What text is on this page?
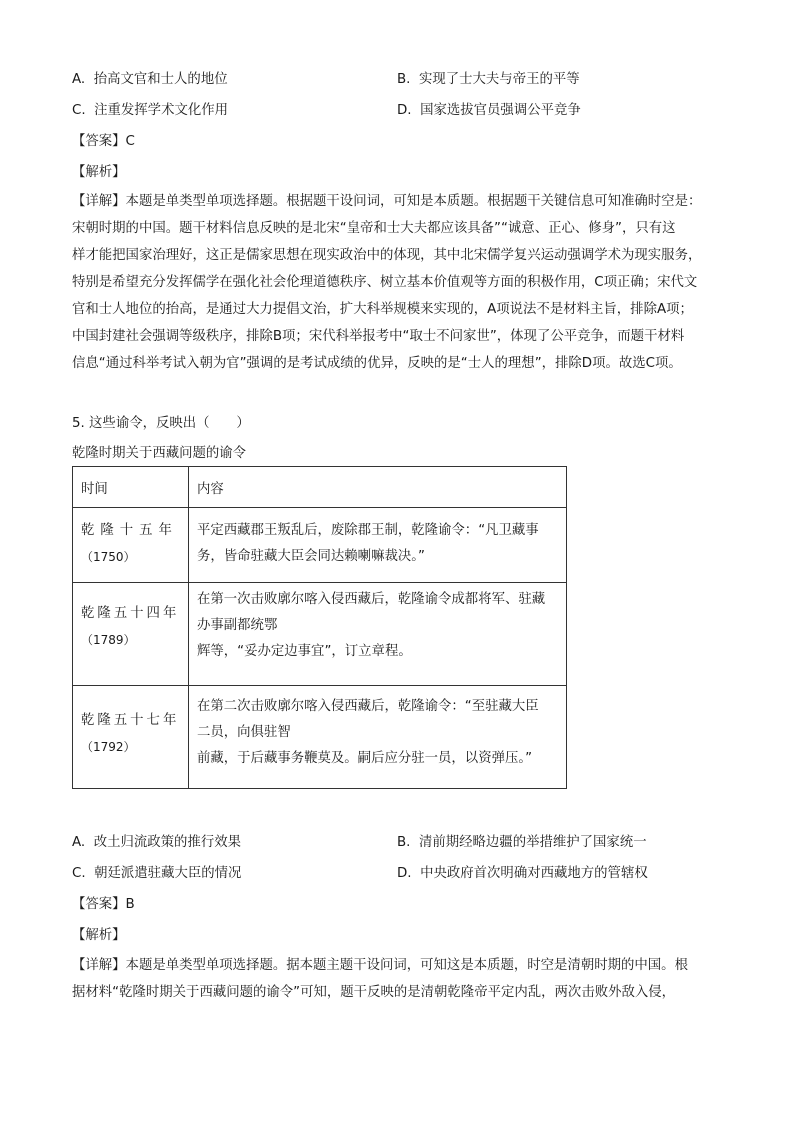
A. 抬高文官和士人的地位	B. 实现了士大夫与帝王的平等
C. 注重发挥学术文化作用	D. 国家选拔官员强调公平竞争
【答案】C
【解析】

【详解】本题是单类型单项选择题。根据题干设问词，可知是本质题。根据题干关键信息可知准确时空是：

宋朝时期的中国。题干材料信息反映的是北宋“皇帝和士大夫都应该具备”“诚意、正心、修身”，只有这

样才能把国家治理好，这正是儒家思想在现实政治中的体现，其中北宋儒学复兴运动强调学术为现实服务，

特别是希望充分发挥儒学在强化社会伦理道德秩序、树立基本价值观等方面的积极作用，C项正确；宋代文

官和士人地位的抬高，是通过大力提倡文治，扩大科举规模来实现的，A项说法不是材料主旨，排除A项；

中国封建社会强调等级秩序，排除B项；宋代科举报考中“取士不问家世”，体现了公平竞争，而题干材料

信息“通过科举考试入朝为官”强调的是考试成绩的优异，反映的是“士人的理想”，排除D项。故选C项。

5. 这些谕令，反映出（　　）
乾隆时期关于西藏问题的谕令
时间	内容

乾隆十五年
（1750）	平定西藏郡王叛乱后，废除郡王制，乾隆谕令：“凡卫藏事
务，皆命驻藏大臣会同达赖喇嘛裁决。”

乾隆五十四年
（1789）	在第一次击败廓尔喀入侵西藏后，乾隆谕令成都将军、驻藏
办事副都统鄂
辉等，“妥办定边事宜”，订立章程。

乾隆五十七年
（1792）	在第二次击败廓尔喀入侵西藏后，乾隆谕令：“至驻藏大臣
二员，向俱驻智
前藏，于后藏事务鞭莫及。嗣后应分驻一员，以资弹压。”
A. 改土归流政策的推行效果	B. 清前期经略边疆的举措维护了国家统一
C. 朝廷派遣驻藏大臣的情况	D. 中央政府首次明确对西藏地方的管辖权
【答案】B
【解析】

【详解】本题是单类型单项选择题。据本题主题干设问词，可知这是本质题，时空是清朝时期的中国。根

据材料“乾隆时期关于西藏问题的谕令”可知，题干反映的是清朝乾隆帝平定内乱，两次击败外敌入侵，
